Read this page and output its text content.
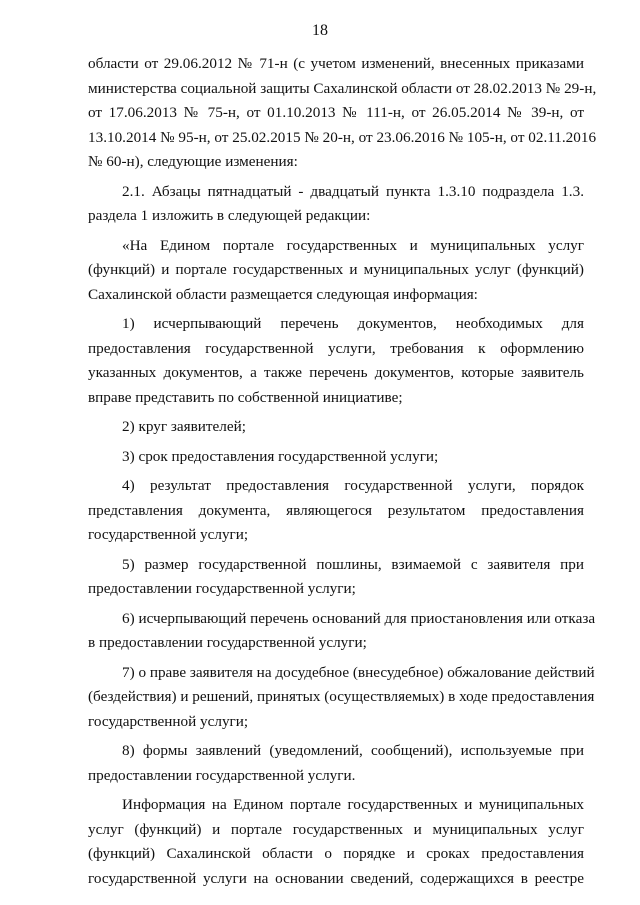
18
области от 29.06.2012 № 71-н (с учетом изменений, внесенных приказами
министерства социальной защиты Сахалинской области от 28.02.2013 № 29-н,
от 17.06.2013 № 75-н, от 01.10.2013 № 111-н, от 26.05.2014 № 39-н, от
13.10.2014 № 95-н, от 25.02.2015 № 20-н, от 23.06.2016 № 105-н, от 02.11.2016
№ 60-н), следующие изменения:
2.1. Абзацы пятнадцатый - двадцатый пункта 1.3.10 подраздела 1.3.
раздела 1 изложить в следующей редакции:
«На Едином портале государственных и муниципальных услуг
(функций) и портале государственных и муниципальных услуг (функций)
Сахалинской области размещается следующая информация:
1) исчерпывающий перечень документов, необходимых для
предоставления государственной услуги, требования к оформлению
указанных документов, а также перечень документов, которые заявитель
вправе представить по собственной инициативе;
2) круг заявителей;
3) срок предоставления государственной услуги;
4) результат предоставления государственной услуги, порядок
представления документа, являющегося результатом предоставления
государственной услуги;
5) размер государственной пошлины, взимаемой с заявителя при
предоставлении государственной услуги;
6) исчерпывающий перечень оснований для приостановления или отказа
в предоставлении государственной услуги;
7) о праве заявителя на досудебное (внесудебное) обжалование действий
(бездействия) и решений, принятых (осуществляемых) в ходе предоставления
государственной услуги;
8) формы заявлений (уведомлений, сообщений), используемые при
предоставлении государственной услуги.
Информация на Едином портале государственных и муниципальных
услуг (функций) и портале государственных и муниципальных услуг
(функций) Сахалинской области о порядке и сроках предоставления
государственной услуги на основании сведений, содержащихся в реестре
